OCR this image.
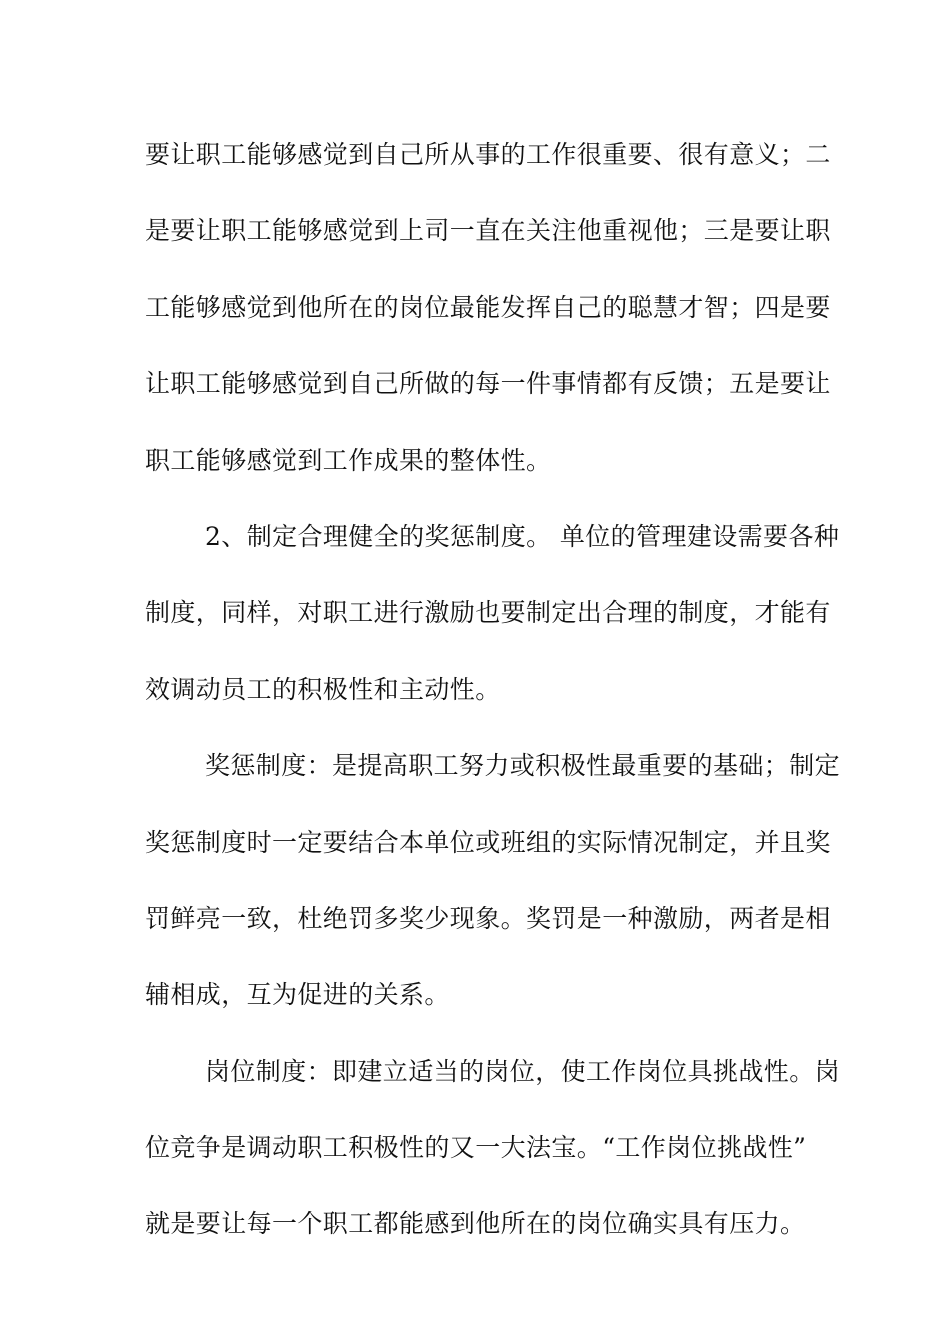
要让职工能够感觉到自己所从事的工作很重要、很有意义；二
是要让职工能够感觉到上司一直在关注他重视他；三是要让职
工能够感觉到他所在的岗位最能发挥自己的聪慧才智；四是要
让职工能够感觉到自己所做的每一件事情都有反馈；五是要让
职工能够感觉到工作成果的整体性。
2、制定合理健全的奖惩制度。 单位的管理建设需要各种
制度，同样，对职工进行激励也要制定出合理的制度，才能有
效调动员工的积极性和主动性。
奖惩制度：是提高职工努力或积极性最重要的基础；制定
奖惩制度时一定要结合本单位或班组的实际情况制定，并且奖
罚鲜亮一致，杜绝罚多奖少现象。奖罚是一种激励，两者是相
辅相成，互为促进的关系。
岗位制度：即建立适当的岗位，使工作岗位具挑战性。岗
位竞争是调动职工积极性的又一大法宝。“工作岗位挑战性”
就是要让每一个职工都能感到他所在的岗位确实具有压力。
